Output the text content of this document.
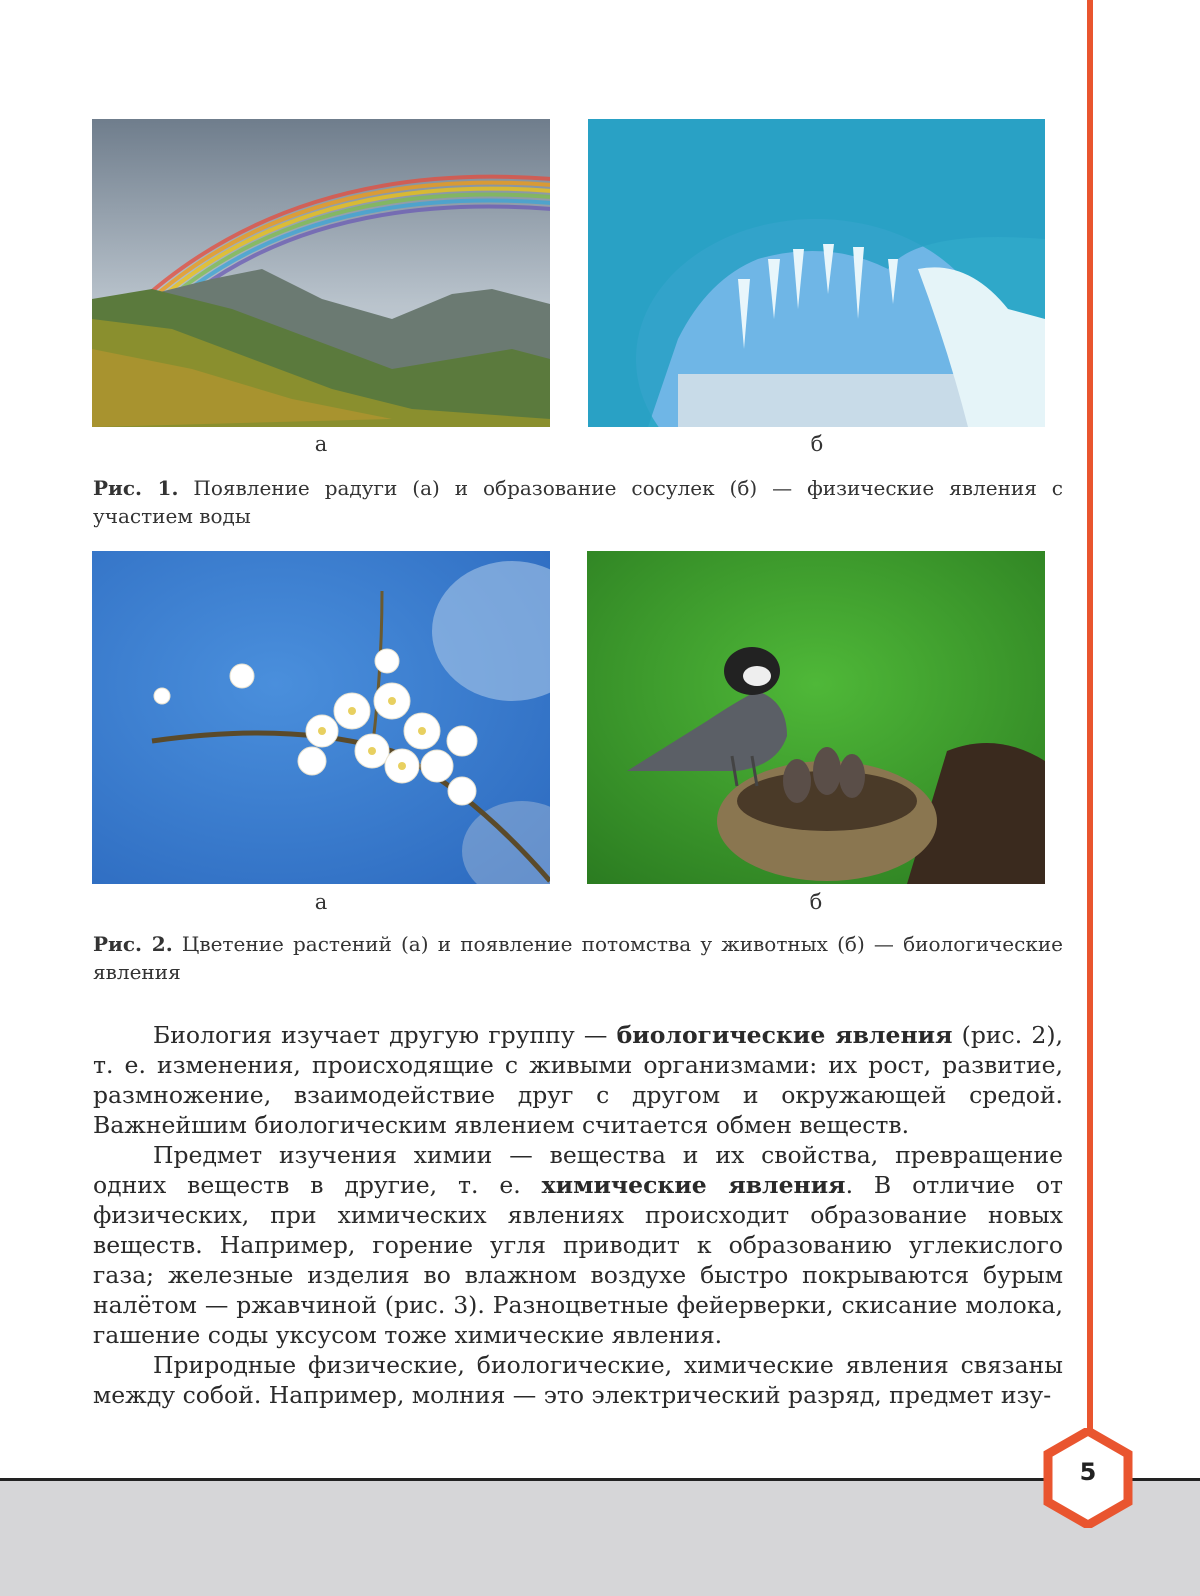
а	б
Рис. 1. Появление радуги (а) и образование сосулек (б) — физические явления с участием воды
а	б
Рис. 2. Цветение растений (а) и появление потомства у животных (б) — биологические явления

Биология изучает другую группу — биологические явления (рис. 2), т. е. изменения, происходящие с живыми организмами: их рост, развитие, размножение, взаимодействие друг с другом и окружающей средой. Важнейшим биологическим явлением считается обмен веществ.

Предмет изучения химии — вещества и их свойства, превращение одних веществ в другие, т. е. химические явления. В отличие от физических, при химических явлениях происходит образование новых веществ. Например, горение угля приводит к образованию углекислого газа; железные изделия во влажном воздухе быстро покрываются бурым налётом — ржавчиной (рис. 3). Разноцветные фейерверки, скисание молока, гашение соды уксусом тоже химические явления.

Природные физические, биологические, химические явления связаны между собой. Например, молния — это электрический разряд, предмет изу-

5
